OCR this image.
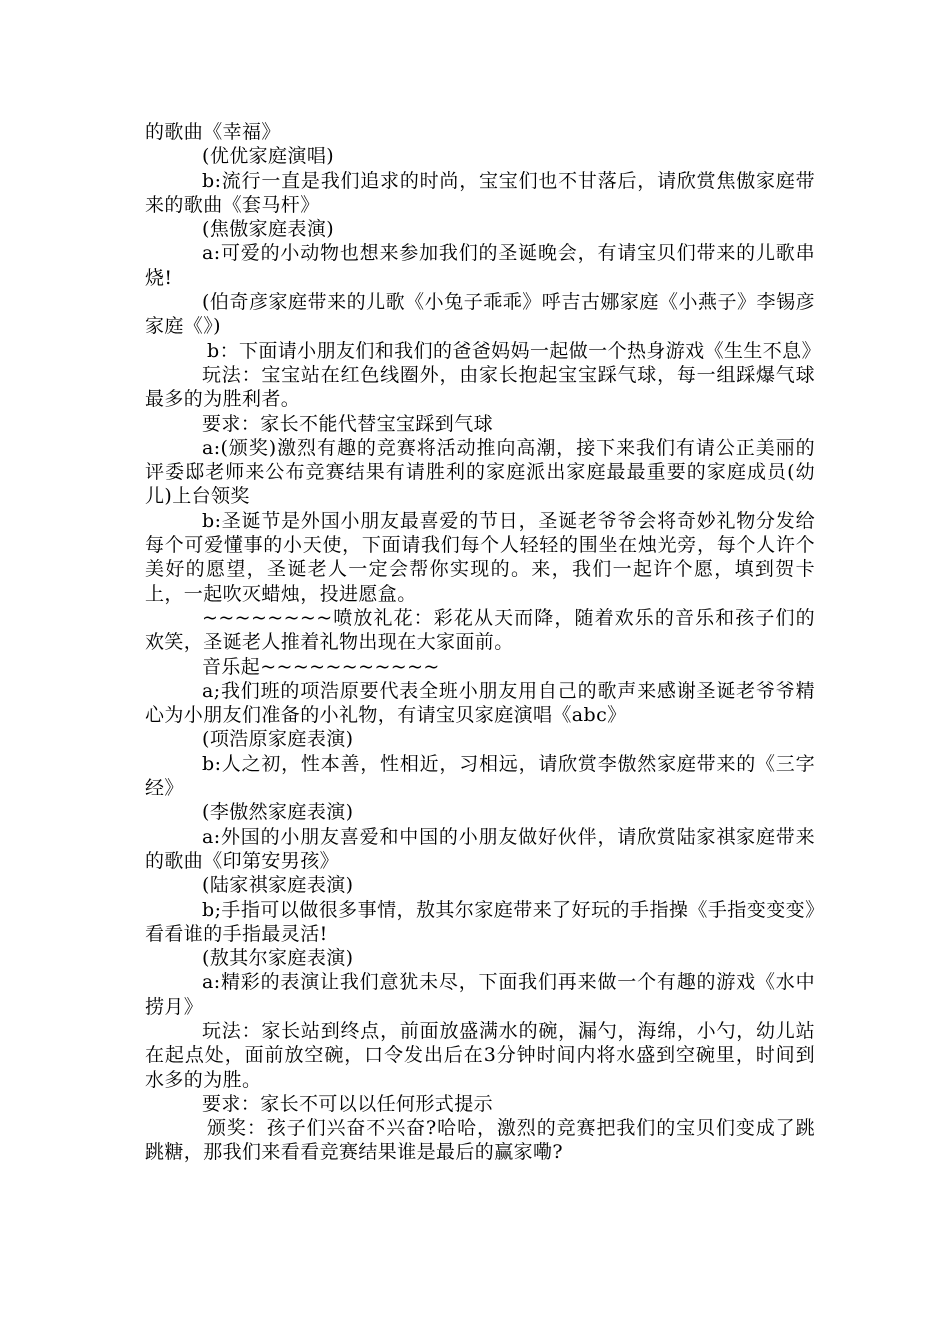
的歌曲《幸福》

(优优家庭演唱)

b:流行一直是我们追求的时尚，宝宝们也不甘落后，请欣赏焦傲家庭带来的歌曲《套马杆》

(焦傲家庭表演)

a:可爱的小动物也想来参加我们的圣诞晚会，有请宝贝们带来的儿歌串烧!

(伯奇彦家庭带来的儿歌《小兔子乖乖》呼吉古娜家庭《小燕子》李锡彦家庭《》)

b：下面请小朋友们和我们的爸爸妈妈一起做一个热身游戏《生生不息》

玩法：宝宝站在红色线圈外，由家长抱起宝宝踩气球，每一组踩爆气球最多的为胜利者。

要求：家长不能代替宝宝踩到气球

a:(颁奖)激烈有趣的竞赛将活动推向高潮，接下来我们有请公正美丽的评委邸老师来公布竞赛结果有请胜利的家庭派出家庭最最重要的家庭成员(幼儿)上台领奖

b:圣诞节是外国小朋友最喜爱的节日，圣诞老爷爷会将奇妙礼物分发给每个可爱懂事的小天使，下面请我们每个人轻轻的围坐在烛光旁，每个人许个美好的愿望，圣诞老人一定会帮你实现的。来，我们一起许个愿，填到贺卡上，一起吹灭蜡烛，投进愿盒。

~~~~~~~~喷放礼花：彩花从天而降，随着欢乐的音乐和孩子们的欢笑，圣诞老人推着礼物出现在大家面前。

音乐起~~~~~~~~~~~

a;我们班的项浩原要代表全班小朋友用自己的歌声来感谢圣诞老爷爷精心为小朋友们准备的小礼物，有请宝贝家庭演唱《abc》

(项浩原家庭表演)

b:人之初，性本善，性相近，习相远，请欣赏李傲然家庭带来的《三字经》

(李傲然家庭表演)

a:外国的小朋友喜爱和中国的小朋友做好伙伴，请欣赏陆家祺家庭带来的歌曲《印第安男孩》

(陆家祺家庭表演)

b;手指可以做很多事情，敖其尔家庭带来了好玩的手指操《手指变变变》看看谁的手指最灵活!

(敖其尔家庭表演)

a:精彩的表演让我们意犹未尽，下面我们再来做一个有趣的游戏《水中捞月》

玩法：家长站到终点，前面放盛满水的碗，漏勺，海绵，小勺，幼儿站在起点处，面前放空碗，口令发出后在3分钟时间内将水盛到空碗里，时间到水多的为胜。

要求：家长不可以以任何形式提示

颁奖：孩子们兴奋不兴奋?哈哈，激烈的竞赛把我们的宝贝们变成了跳跳糖，那我们来看看竞赛结果谁是最后的赢家嘞?
